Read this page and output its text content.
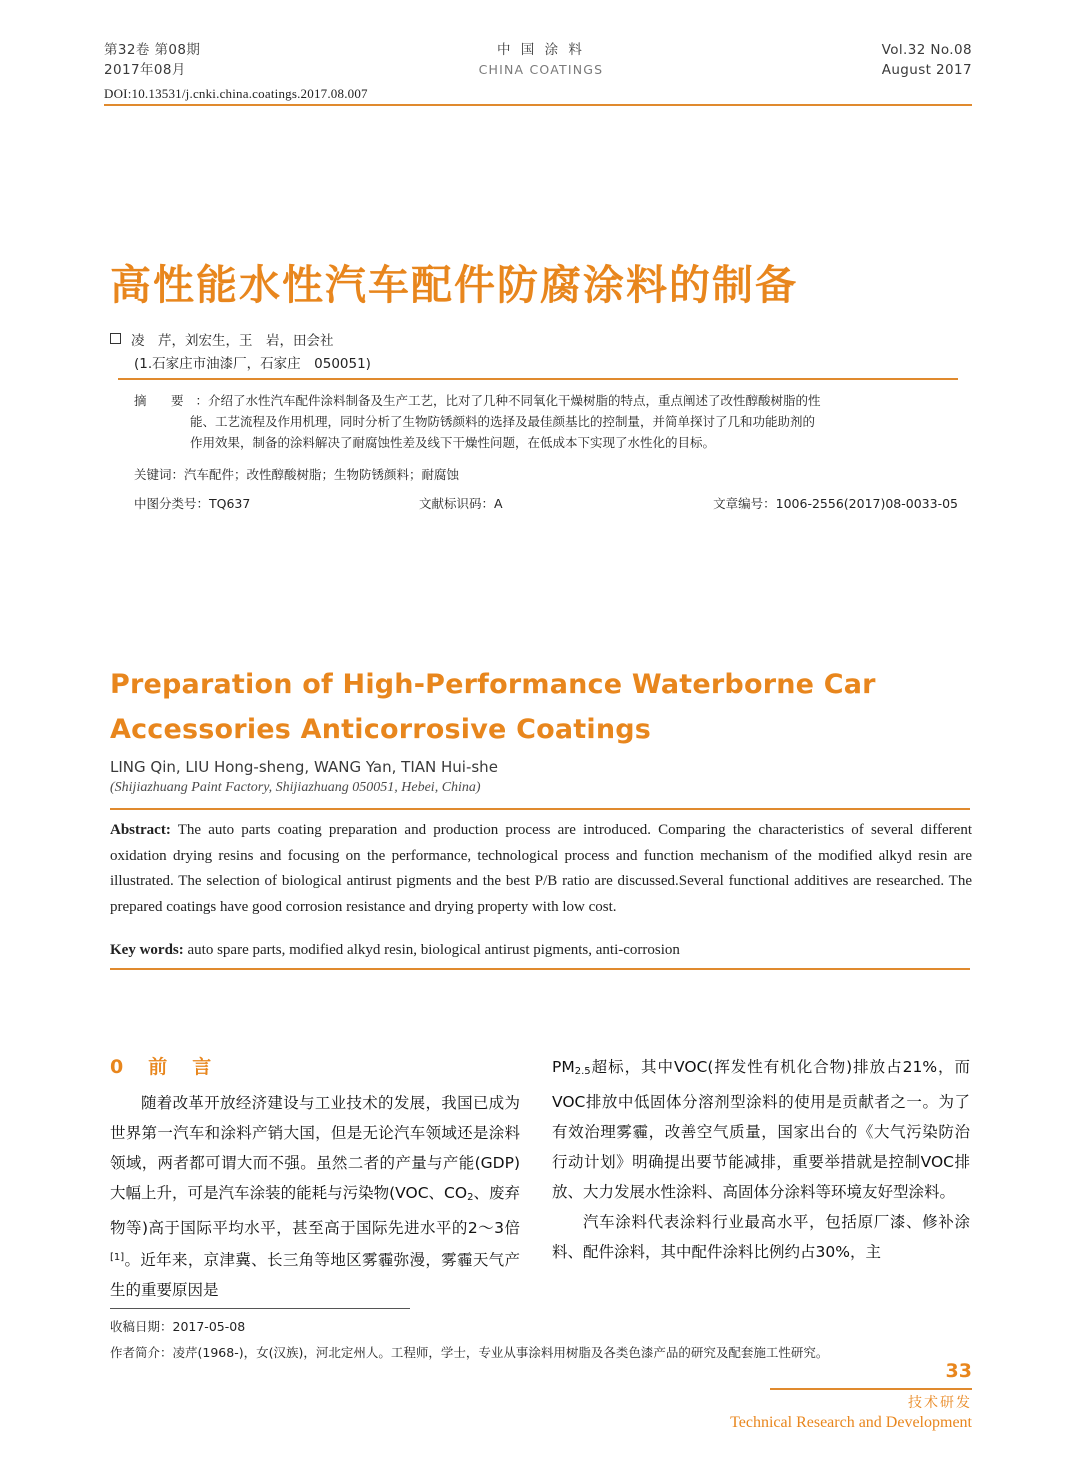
第32卷 第08期
2017年08月
中 国 涂 料
CHINA COATINGS
Vol.32 No.08
August 2017
DOI:10.13531/j.cnki.china.coatings.2017.08.007
高性能水性汽车配件防腐涂料的制备
凌　芹，刘宏生，王　岩，田会社
(1.石家庄市油漆厂，石家庄　050051)

摘　要 ：介绍了水性汽车配件涂料制备及生产工艺，比对了几种不同氧化干燥树脂的特点，重点阐述了改性醇酸树脂的性

能、工艺流程及作用机理，同时分析了生物防锈颜料的选择及最佳颜基比的控制量，并简单探讨了几和功能助剂的

作用效果，制备的涂料解决了耐腐蚀性差及线下干燥性问题，在低成本下实现了水性化的目标。

关键词：汽车配件；改性醇酸树脂；生物防锈颜料；耐腐蚀
中图分类号：TQ637	文献标识码：A	文章编号：1006-2556(2017)08-0033-05
Preparation of High-Performance Waterborne Car
Accessories Anticorrosive Coatings
LING Qin, LIU Hong-sheng, WANG Yan, TIAN Hui-she
(Shijiazhuang Paint Factory, Shijiazhuang 050051, Hebei, China)
Abstract: The auto parts coating preparation and production process are introduced. Comparing the characteristics of several different oxidation drying resins and focusing on the performance, technological process and function mechanism of the modified alkyd resin are illustrated. The selection of biological antirust pigments and the best P/B ratio are discussed.Several functional additives are researched. The prepared coatings have good corrosion resistance and drying property with low cost.
Key words: auto spare parts, modified alkyd resin, biological antirust pigments, anti-corrosion
0　前　言

随着改革开放经济建设与工业技术的发展，我国已成为世界第一汽车和涂料产销大国，但是无论汽车领域还是涂料领域，两者都可谓大而不强。虽然二者的产量与产能(GDP)大幅上升，可是汽车涂装的能耗与污染物(VOC、$CO_2$、废弃物等)高于国际平均水平，甚至高于国际先进水平的2～3倍[1]。近年来，京津冀、长三角等地区雾霾弥漫，雾霾天气产生的重要原因是

$PM_{2.5}$超标，其中VOC(挥发性有机化合物)排放占21%，而VOC排放中低固体分溶剂型涂料的使用是贡献者之一。为了有效治理雾霾，改善空气质量，国家出台的《大气污染防治行动计划》明确提出要节能减排，重要举措就是控制VOC排放、大力发展水性涂料、高固体分涂料等环境友好型涂料。

汽车涂料代表涂料行业最高水平，包括原厂漆、修补涂料、配件涂料，其中配件涂料比例约占30%，主

收稿日期：2017-05-08
作者简介：凌芹(1968-)，女(汉族)，河北定州人。工程师，学士，专业从事涂料用树脂及各类色漆产品的研究及配套施工性研究。
33
技术研发
Technical Research and Development
